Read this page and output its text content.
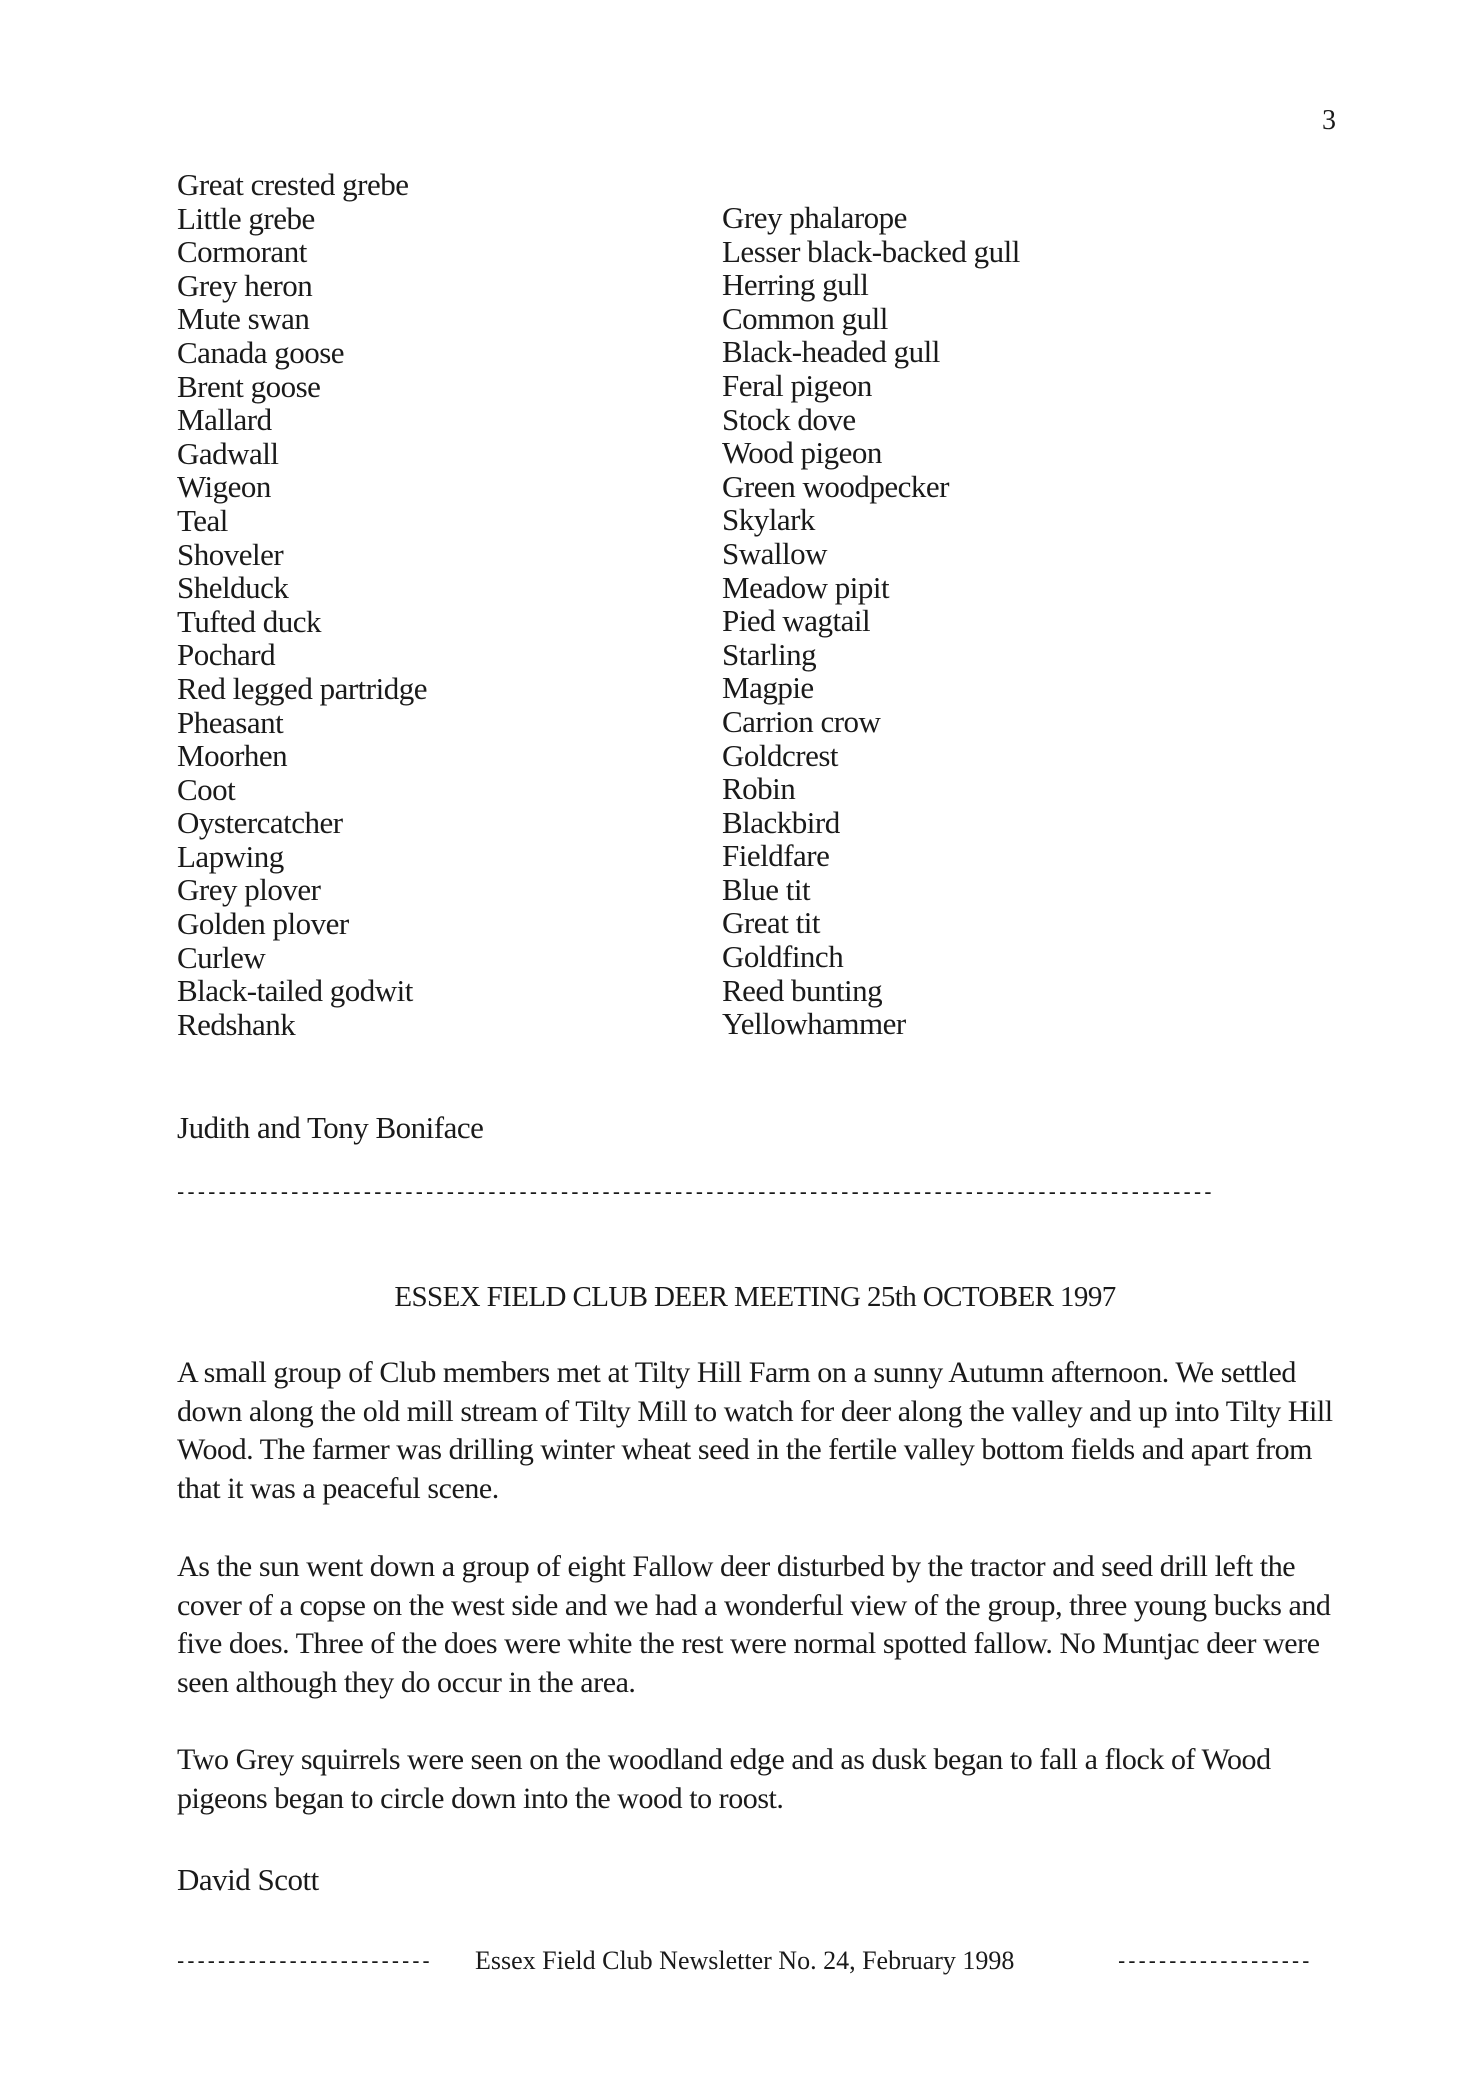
3
Great crested grebe
Little grebe
Cormorant
Grey heron
Mute swan
Canada goose
Brent goose
Mallard
Gadwall
Wigeon
Teal
Shoveler
Shelduck
Tufted duck
Pochard
Red legged partridge
Pheasant
Moorhen
Coot
Oystercatcher
Lapwing
Grey plover
Golden plover
Curlew
Black-tailed godwit
Redshank
Grey phalarope
Lesser black-backed gull
Herring gull
Common gull
Black-headed gull
Feral pigeon
Stock dove
Wood pigeon
Green woodpecker
Skylark
Swallow
Meadow pipit
Pied wagtail
Starling
Magpie
Carrion crow
Goldcrest
Robin
Blackbird
Fieldfare
Blue tit
Great tit
Goldfinch
Reed bunting
Yellowhammer
Judith and Tony Boniface
----------------------------------------------------------------------------------------------------
ESSEX FIELD CLUB DEER MEETING 25th OCTOBER 1997

A small group of Club members met at Tilty Hill Farm on a sunny Autumn afternoon. We settled down along the old mill stream of Tilty Mill to watch for deer along the valley and up into Tilty Hill Wood. The farmer was drilling winter wheat seed in the fertile valley bottom fields and apart from that it was a peaceful scene.

As the sun went down a group of eight Fallow deer disturbed by the tractor and seed drill left the cover of a copse on the west side and we had a wonderful view of the group, three young bucks and five does. Three of the does were white the rest were normal spotted fallow. No Muntjac deer were seen although they do occur in the area.

Two Grey squirrels were seen on the woodland edge and as dusk began to fall a flock of Wood pigeons began to circle down into the wood to roost.

David Scott
------------------------- Essex Field Club Newsletter No. 24, February 1998	-------------------
